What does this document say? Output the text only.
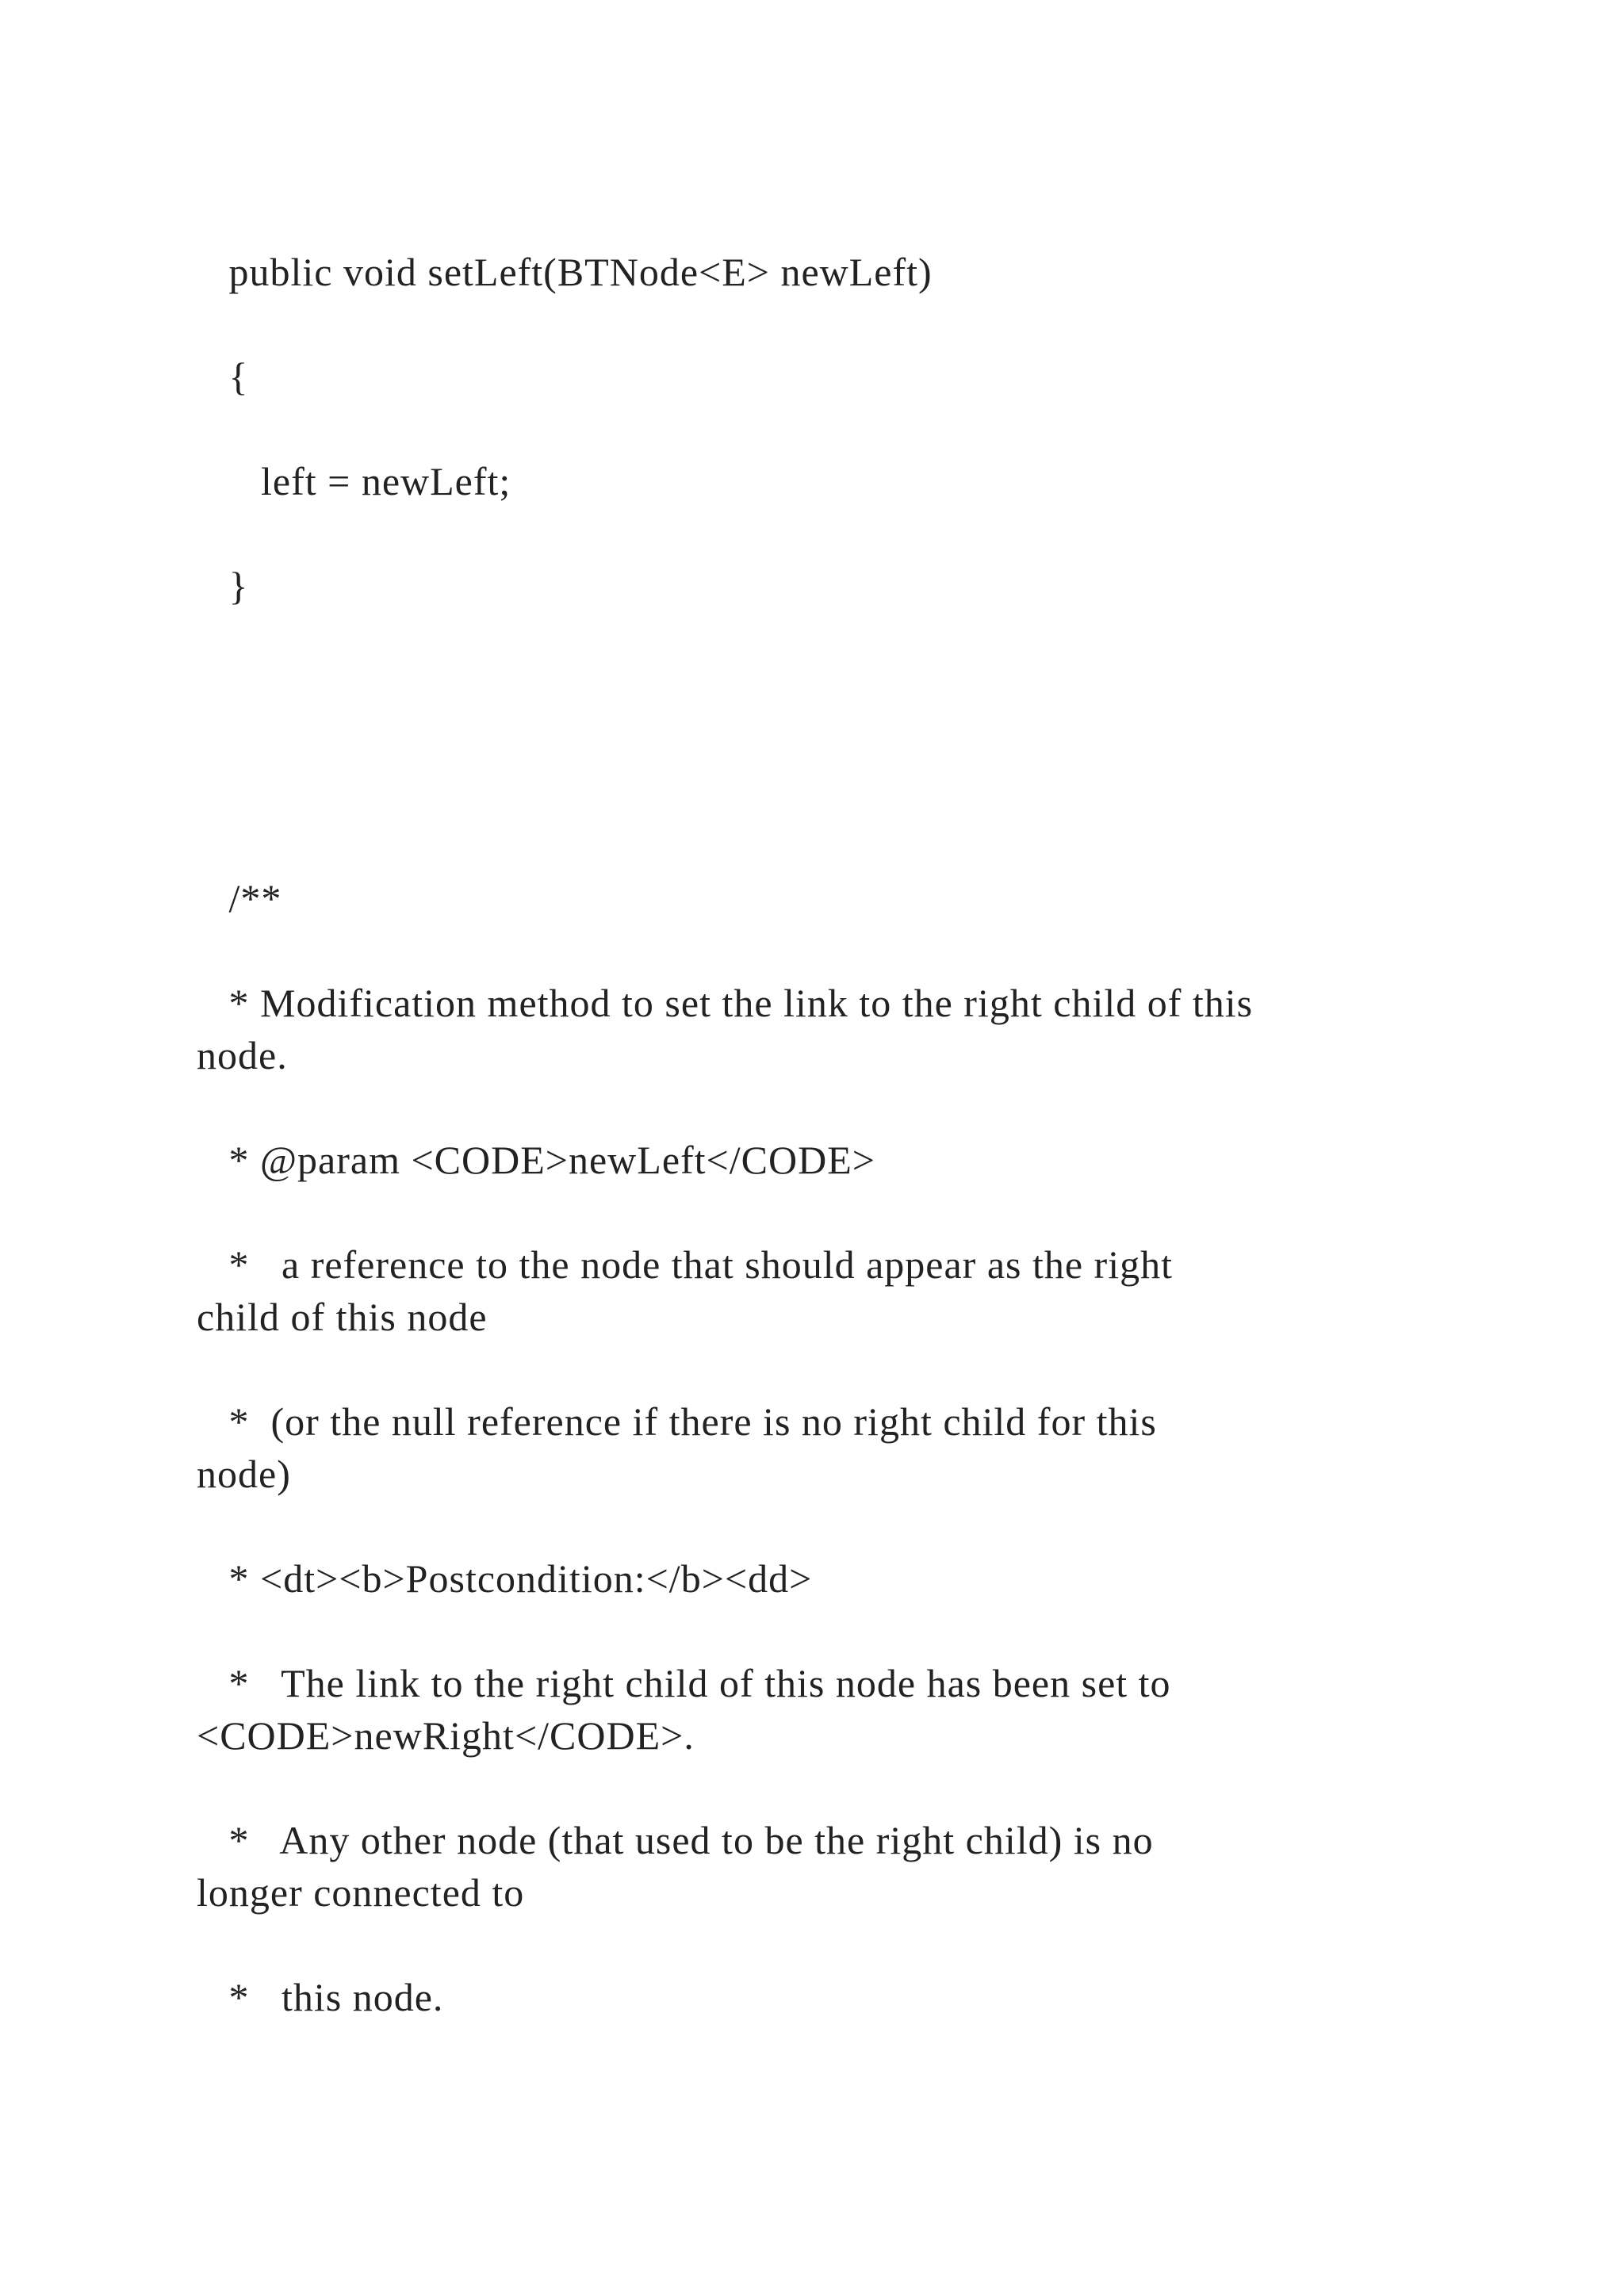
public void setLeft(BTNode<E> newLeft)
{
left = newLeft;
}
/**
* Modification method to set the link to the right child of this
node.
* @param <CODE>newLeft</CODE>
*   a reference to the node that should appear as the right
child of this node
*  (or the null reference if there is no right child for this
node)
* <dt><b>Postcondition:</b><dd>
*   The link to the right child of this node has been set to
<CODE>newRight</CODE>.
*   Any other node (that used to be the right child) is no
longer connected to
*   this node.
